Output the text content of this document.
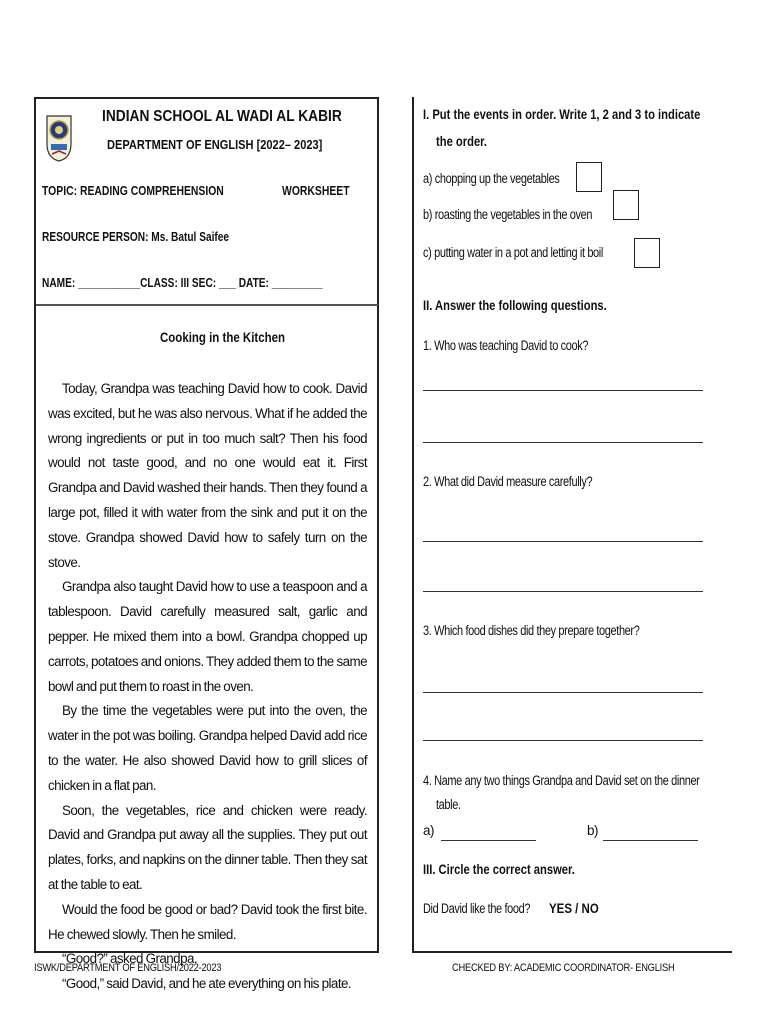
INDIAN SCHOOL AL WADI AL KABIR
DEPARTMENT OF ENGLISH [2022– 2023]
TOPIC: READING COMPREHENSION	WORKSHEET
RESOURCE PERSON: Ms. Batul Saifee
NAME: ___________CLASS: III SEC: ___ DATE: _________
Cooking in the Kitchen

Today, Grandpa was teaching David how to cook. David was excited, but he was also nervous. What if he added the wrong ingredients or put in too much salt? Then his food would not taste good, and no one would eat it. First Grandpa and David washed their hands. Then they found a large pot, filled it with water from the sink and put it on the stove. Grandpa showed David how to safely turn on the stove.

Grandpa also taught David how to use a teaspoon and a tablespoon. David carefully measured salt, garlic and pepper. He mixed them into a bowl. Grandpa chopped up carrots, potatoes and onions. They added them to the same bowl and put them to roast in the oven.

By the time the vegetables were put into the oven, the water in the pot was boiling. Grandpa helped David add rice to the water. He also showed David how to grill slices of chicken in a flat pan.

Soon, the vegetables, rice and chicken were ready. David and Grandpa put away all the supplies. They put out plates, forks, and napkins on the dinner table. Then they sat at the table to eat.

Would the food be good or bad? David took the first bite. He chewed slowly. Then he smiled.

“Good?” asked Grandpa.

“Good,” said David, and he ate everything on his plate.

I. Put the events in order. Write 1, 2 and 3 to indicate
the order.
a) chopping up the vegetables
b) roasting the vegetables in the oven
c) putting water in a pot and letting it boil
II. Answer the following questions.
1. Who was teaching David to cook?
2. What did David measure carefully?
3. Which food dishes did they prepare together?
4. Name any two things Grandpa and David set on the dinner
table.
a)	b)
III. Circle the correct answer.
Did David like the food?	YES / NO
ISWK/DEPARTMENT OF ENGLISH/2022-2023	CHECKED BY: ACADEMIC COORDINATOR- ENGLISH
